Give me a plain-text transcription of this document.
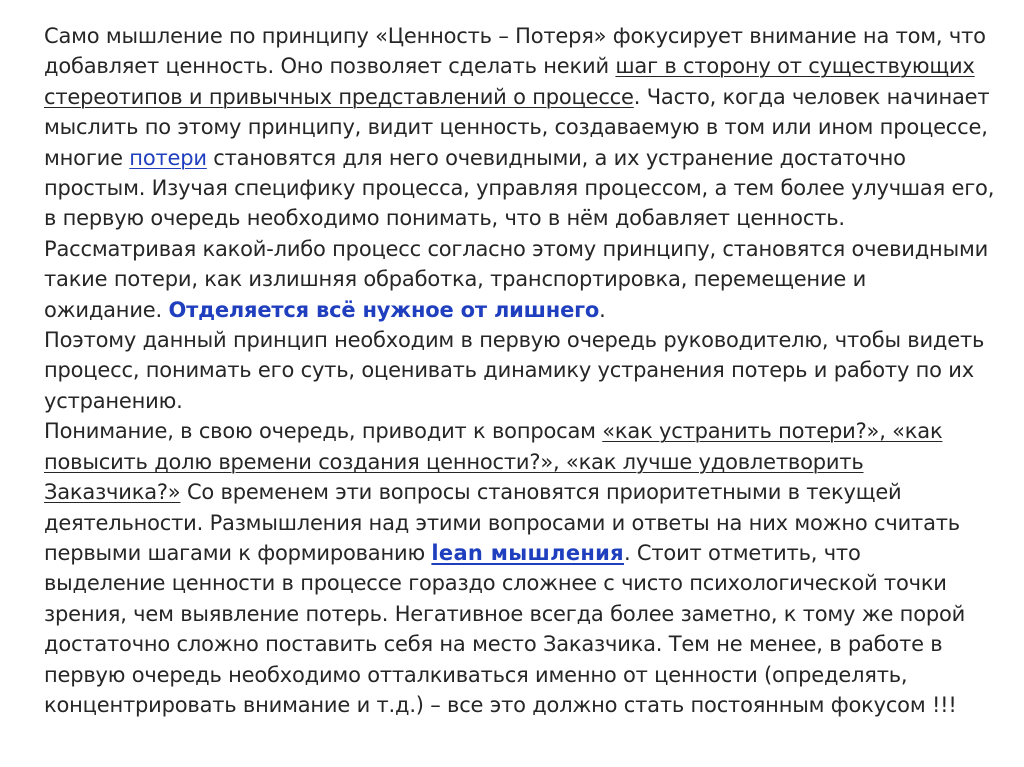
Само мышление по принципу «Ценность – Потеря» фокусирует внимание на том, что
добавляет ценность. Оно позволяет сделать некий шаг в сторону от существующих
стереотипов и привычных представлений о процессе. Часто, когда человек начинает
мыслить по этому принципу, видит ценность, создаваемую в том или ином процессе,
многие потери становятся для него очевидными, а их устранение достаточно
простым. Изучая специфику процесса, управляя процессом, а тем более улучшая его,
в первую очередь необходимо понимать, что в нём добавляет ценность.
Рассматривая какой-либо процесс согласно этому принципу, становятся очевидными
такие потери, как излишняя обработка, транспортировка, перемещение и
ожидание. Отделяется всё нужное от лишнего.
Поэтому данный принцип необходим в первую очередь руководителю, чтобы видеть
процесс, понимать его суть, оценивать динамику устранения потерь и работу по их
устранению.
Понимание, в свою очередь, приводит к вопросам «как устранить потери?», «как
повысить долю времени создания ценности?», «как лучше удовлетворить
Заказчика?» Со временем эти вопросы становятся приоритетными в текущей
деятельности. Размышления над этими вопросами и ответы на них можно считать
первыми шагами к формированию lean мышления. Стоит отметить, что
выделение ценности в процессе гораздо сложнее с чисто психологической точки
зрения, чем выявление потерь. Негативное всегда более заметно, к тому же порой
достаточно сложно поставить себя на место Заказчика. Тем не менее, в работе в
первую очередь необходимо отталкиваться именно от ценности (определять,
концентрировать внимание и т.д.) – все это должно стать постоянным фокусом !!!
